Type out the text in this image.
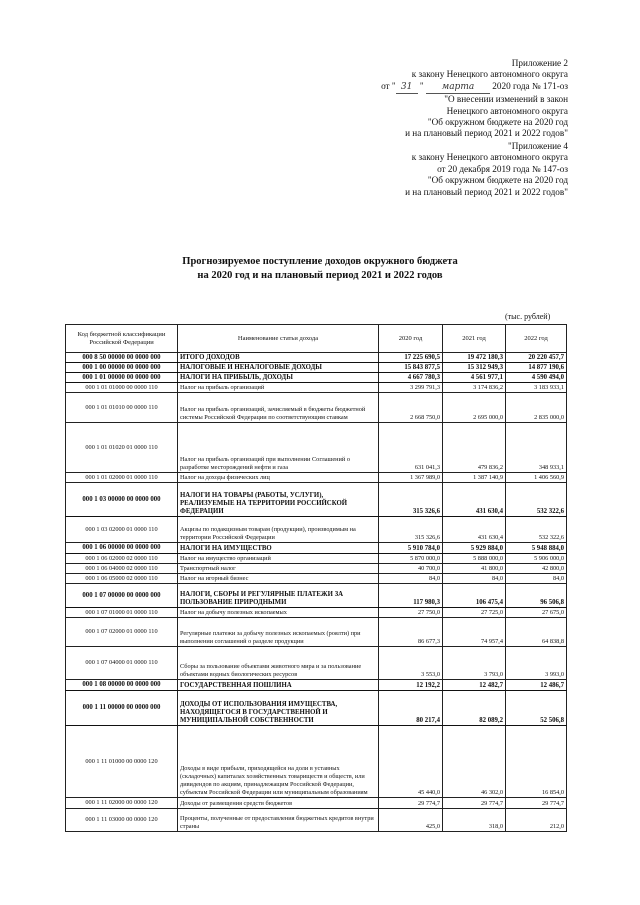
Приложение 2
к закону Ненецкого автономного округа
от " 31 " марта 2020 года № 171-оз
"О внесении изменений в закон
Ненецкого автономного округа
"Об окружном бюджете на 2020 год
и на плановый период 2021 и 2022 годов"
"Приложение 4
к закону Ненецкого автономного округа
от 20 декабря 2019 года № 147-оз
"Об окружном бюджете на 2020 год
и на плановый период 2021 и 2022 годов"
Прогнозируемое поступление доходов окружного бюджета
на 2020 год и на плановый период 2021 и 2022 годов
(тыс. рублей)
Код бюджетной классификации Российской Федерации	Наименование статьи дохода	2020 год	2021 год	2022 год
000 8 50 00000 00 0000 000	ИТОГО ДОХОДОВ	17 225 690,5	19 472 180,3	20 220 457,7
000 1 00 00000 00 0000 000	НАЛОГОВЫЕ И НЕНАЛОГОВЫЕ ДОХОДЫ	15 843 877,5	15 312 949,3	14 877 190,6
000 1 01 00000 00 0000 000	НАЛОГИ НА ПРИБЫЛЬ, ДОХОДЫ	4 667 780,3	4 561 977,1	4 590 494,0
000 1 01 01000 00 0000 110	Налог на прибыль организаций	3 299 791,3	3 174 836,2	3 183 933,1
000 1 01 01010 00 0000 110	Налог на прибыль организаций, зачисляемый в бюджеты бюджетной системы Российской Федерации по соответствующим ставкам	2 668 750,0	2 695 000,0	2 835 000,0
000 1 01 01020 01 0000 110	Налог на прибыль организаций при выполнении Соглашений о разработке месторождений нефти и газа	631 041,3	479 836,2	348 933,1
000 1 01 02000 01 0000 110	Налог на доходы физических лиц	1 367 989,0	1 387 140,9	1 406 560,9
000 1 03 00000 00 0000 000	НАЛОГИ НА ТОВАРЫ (РАБОТЫ, УСЛУГИ), РЕАЛИЗУЕМЫЕ НА ТЕРРИТОРИИ РОССИЙСКОЙ ФЕДЕРАЦИИ	315 326,6	431 630,4	532 322,6
000 1 03 02000 01 0000 110	Акцизы по подакцизным товарам (продукции), производимым на территории Российской Федерации	315 326,6	431 630,4	532 322,6
000 1 06 00000 00 0000 000	НАЛОГИ НА ИМУЩЕСТВО	5 910 784,0	5 929 884,0	5 948 884,0
000 1 06 02000 02 0000 110	Налог на имущество организаций	5 870 000,0	5 888 000,0	5 906 000,0
000 1 06 04000 02 0000 110	Транспортный налог	40 700,0	41 800,0	42 800,0
000 1 06 05000 02 0000 110	Налог на игорный бизнес	84,0	84,0	84,0
000 1 07 00000 00 0000 000	НАЛОГИ, СБОРЫ И РЕГУЛЯРНЫЕ ПЛАТЕЖИ ЗА ПОЛЬЗОВАНИЕ ПРИРОДНЫМИ	117 980,3	106 475,4	96 506,8
000 1 07 01000 01 0000 110	Налог на добычу полезных ископаемых	27 750,0	27 725,0	27 675,0
000 1 07 02000 01 0000 110	Регулярные платежи за добычу полезных ископаемых (роялти) при выполнении соглашений о разделе продукции	86 677,3	74 957,4	64 838,8
000 1 07 04000 01 0000 110	Сборы за пользование объектами животного мира и за пользование объектами водных биологических ресурсов	3 553,0	3 793,0	3 993,0
000 1 08 00000 00 0000 000	ГОСУДАРСТВЕННАЯ ПОШЛИНА	12 192,2	12 482,7	12 486,7
000 1 11 00000 00 0000 000	ДОХОДЫ ОТ ИСПОЛЬЗОВАНИЯ ИМУЩЕСТВА, НАХОДЯЩЕГОСЯ В ГОСУДАРСТВЕННОЙ И МУНИЦИПАЛЬНОЙ СОБСТВЕННОСТИ	80 217,4	82 089,2	52 506,8
000 1 11 01000 00 0000 120	Доходы в виде прибыли, приходящейся на доли в уставных (складочных) капиталах хозяйственных товариществ и обществ, или дивидендов по акциям, принадлежащим Российской Федерации, субъектам Российской Федерации или муниципальным образованиям	45 440,0	46 302,0	16 854,0
000 1 11 02000 00 0000 120	Доходы от размещения средств бюджетов	29 774,7	29 774,7	29 774,7
000 1 11 03000 00 0000 120	Проценты, полученные от предоставления бюджетных кредитов внутри страны	425,0	318,0	212,0
